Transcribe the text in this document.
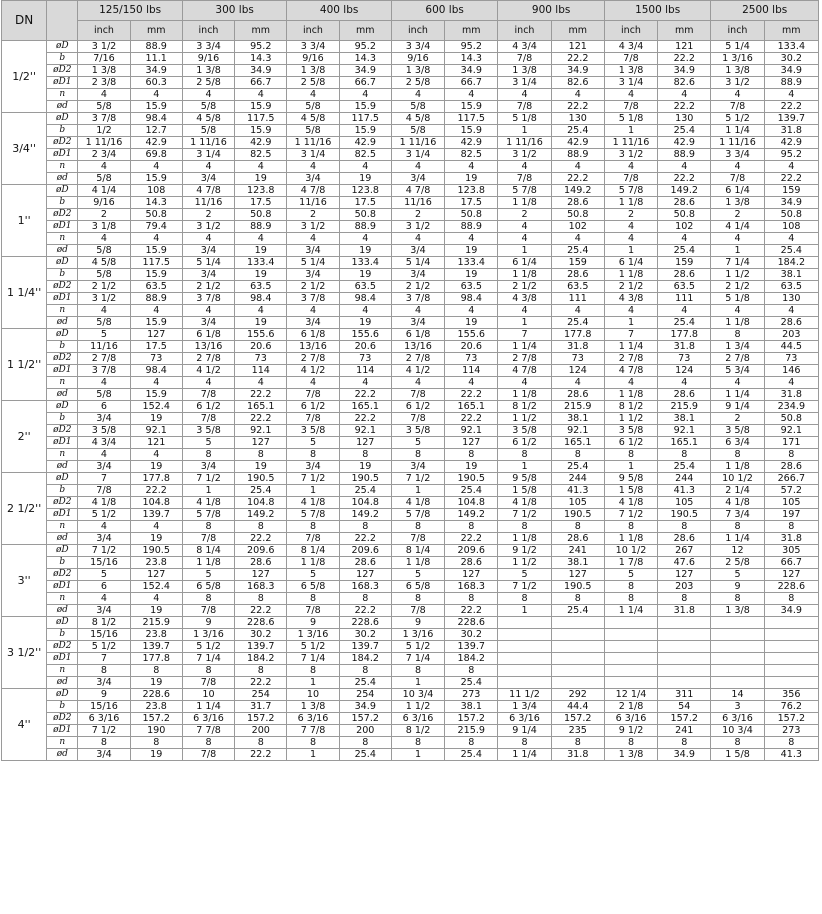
DN		125/150 lbs		300 lbs		400 lbs		600 lbs		900 lbs		1500 lbs		2500 lbs	
		inch	mm	inch	mm	inch	mm	inch	mm	inch	mm	inch	mm	inch	mm
1/2''	øD	3 1/2	88.9	3 3/4	95.2	3 3/4	95.2	3 3/4	95.2	4 3/4	121	4 3/4	121	5 1/4	133.4
	b	7/16	11.1	9/16	14.3	9/16	14.3	9/16	14.3	7/8	22.2	7/8	22.2	1 3/16	30.2
	øD2	1 3/8	34.9	1 3/8	34.9	1 3/8	34.9	1 3/8	34.9	1 3/8	34.9	1 3/8	34.9	1 3/8	34.9
	øD1	2 3/8	60.3	2 5/8	66.7	2 5/8	66.7	2 5/8	66.7	3 1/4	82.6	3 1/4	82.6	3 1/2	88.9
	n	4	4	4	4	4	4	4	4	4	4	4	4	4	4
	ød	5/8	15.9	5/8	15.9	5/8	15.9	5/8	15.9	7/8	22.2	7/8	22.2	7/8	22.2
3/4''	øD	3 7/8	98.4	4 5/8	117.5	4 5/8	117.5	4 5/8	117.5	5 1/8	130	5 1/8	130	5 1/2	139.7
	b	1/2	12.7	5/8	15.9	5/8	15.9	5/8	15.9	1	25.4	1	25.4	1 1/4	31.8
	øD2	1 11/16	42.9	1 11/16	42.9	1 11/16	42.9	1 11/16	42.9	1 11/16	42.9	1 11/16	42.9	1 11/16	42.9
	øD1	2 3/4	69.8	3 1/4	82.5	3 1/4	82.5	3 1/4	82.5	3 1/2	88.9	3 1/2	88.9	3 3/4	95.2
	n	4	4	4	4	4	4	4	4	4	4	4	4	4	4
	ød	5/8	15.9	3/4	19	3/4	19	3/4	19	7/8	22.2	7/8	22.2	7/8	22.2
1''	øD	4 1/4	108	4 7/8	123.8	4 7/8	123.8	4 7/8	123.8	5 7/8	149.2	5 7/8	149.2	6 1/4	159
	b	9/16	14.3	11/16	17.5	11/16	17.5	11/16	17.5	1 1/8	28.6	1 1/8	28.6	1 3/8	34.9
	øD2	2	50.8	2	50.8	2	50.8	2	50.8	2	50.8	2	50.8	2	50.8
	øD1	3 1/8	79.4	3 1/2	88.9	3 1/2	88.9	3 1/2	88.9	4	102	4	102	4 1/4	108
	n	4	4	4	4	4	4	4	4	4	4	4	4	4	4
	ød	5/8	15.9	3/4	19	3/4	19	3/4	19	1	25.4	1	25.4	1	25.4
1 1/4''	øD	4 5/8	117.5	5 1/4	133.4	5 1/4	133.4	5 1/4	133.4	6 1/4	159	6 1/4	159	7 1/4	184.2
	b	5/8	15.9	3/4	19	3/4	19	3/4	19	1 1/8	28.6	1 1/8	28.6	1 1/2	38.1
	øD2	2 1/2	63.5	2 1/2	63.5	2 1/2	63.5	2 1/2	63.5	2 1/2	63.5	2 1/2	63.5	2 1/2	63.5
	øD1	3 1/2	88.9	3 7/8	98.4	3 7/8	98.4	3 7/8	98.4	4 3/8	111	4 3/8	111	5 1/8	130
	n	4	4	4	4	4	4	4	4	4	4	4	4	4	4
	ød	5/8	15.9	3/4	19	3/4	19	3/4	19	1	25.4	1	25.4	1 1/8	28.6
1 1/2''	øD	5	127	6 1/8	155.6	6 1/8	155.6	6 1/8	155.6	7	177.8	7	177.8	8	203
	b	11/16	17.5	13/16	20.6	13/16	20.6	13/16	20.6	1 1/4	31.8	1 1/4	31.8	1 3/4	44.5
	øD2	2 7/8	73	2 7/8	73	2 7/8	73	2 7/8	73	2 7/8	73	2 7/8	73	2 7/8	73
	øD1	3 7/8	98.4	4 1/2	114	4 1/2	114	4 1/2	114	4 7/8	124	4 7/8	124	5 3/4	146
	n	4	4	4	4	4	4	4	4	4	4	4	4	4	4
	ød	5/8	15.9	7/8	22.2	7/8	22.2	7/8	22.2	1 1/8	28.6	1 1/8	28.6	1 1/4	31.8
2''	øD	6	152.4	6 1/2	165.1	6 1/2	165.1	6 1/2	165.1	8 1/2	215.9	8 1/2	215.9	9 1/4	234.9
	b	3/4	19	7/8	22.2	7/8	22.2	7/8	22.2	1 1/2	38.1	1 1/2	38.1	2	50.8
	øD2	3 5/8	92.1	3 5/8	92.1	3 5/8	92.1	3 5/8	92.1	3 5/8	92.1	3 5/8	92.1	3 5/8	92.1
	øD1	4 3/4	121	5	127	5	127	5	127	6 1/2	165.1	6 1/2	165.1	6 3/4	171
	n	4	4	8	8	8	8	8	8	8	8	8	8	8	8
	ød	3/4	19	3/4	19	3/4	19	3/4	19	1	25.4	1	25.4	1 1/8	28.6
2 1/2''	øD	7	177.8	7 1/2	190.5	7 1/2	190.5	7 1/2	190.5	9 5/8	244	9 5/8	244	10 1/2	266.7
	b	7/8	22.2	1	25.4	1	25.4	1	25.4	1 5/8	41.3	1 5/8	41.3	2 1/4	57.2
	øD2	4 1/8	104.8	4 1/8	104.8	4 1/8	104.8	4 1/8	104.8	4 1/8	105	4 1/8	105	4 1/8	105
	øD1	5 1/2	139.7	5 7/8	149.2	5 7/8	149.2	5 7/8	149.2	7 1/2	190.5	7 1/2	190.5	7 3/4	197
	n	4	4	8	8	8	8	8	8	8	8	8	8	8	8
	ød	3/4	19	7/8	22.2	7/8	22.2	7/8	22.2	1 1/8	28.6	1 1/8	28.6	1 1/4	31.8
3''	øD	7 1/2	190.5	8 1/4	209.6	8 1/4	209.6	8 1/4	209.6	9 1/2	241	10 1/2	267	12	305
	b	15/16	23.8	1 1/8	28.6	1 1/8	28.6	1 1/8	28.6	1 1/2	38.1	1 7/8	47.6	2 5/8	66.7
	øD2	5	127	5	127	5	127	5	127	5	127	5	127	5	127
	øD1	6	152.4	6 5/8	168.3	6 5/8	168.3	6 5/8	168.3	7 1/2	190.5	8	203	9	228.6
	n	4	4	8	8	8	8	8	8	8	8	8	8	8	8
	ød	3/4	19	7/8	22.2	7/8	22.2	7/8	22.2	1	25.4	1 1/4	31.8	1 3/8	34.9
3 1/2''	øD	8 1/2	215.9	9	228.6	9	228.6	9	228.6						
	b	15/16	23.8	1 3/16	30.2	1 3/16	30.2	1 3/16	30.2						
	øD2	5 1/2	139.7	5 1/2	139.7	5 1/2	139.7	5 1/2	139.7						
	øD1	7	177.8	7 1/4	184.2	7 1/4	184.2	7 1/4	184.2						
	n	8	8	8	8	8	8	8	8						
	ød	3/4	19	7/8	22.2	1	25.4	1	25.4						
4''	øD	9	228.6	10	254	10	254	10 3/4	273	11 1/2	292	12 1/4	311	14	356
	b	15/16	23.8	1 1/4	31.7	1 3/8	34.9	1 1/2	38.1	1 3/4	44.4	2 1/8	54	3	76.2
	øD2	6 3/16	157.2	6 3/16	157.2	6 3/16	157.2	6 3/16	157.2	6 3/16	157.2	6 3/16	157.2	6 3/16	157.2
	øD1	7 1/2	190	7 7/8	200	7 7/8	200	8 1/2	215.9	9 1/4	235	9 1/2	241	10 3/4	273
	n	8	8	8	8	8	8	8	8	8	8	8	8	8	8
	ød	3/4	19	7/8	22.2	1	25.4	1	25.4	1 1/4	31.8	1 3/8	34.9	1 5/8	41.3
